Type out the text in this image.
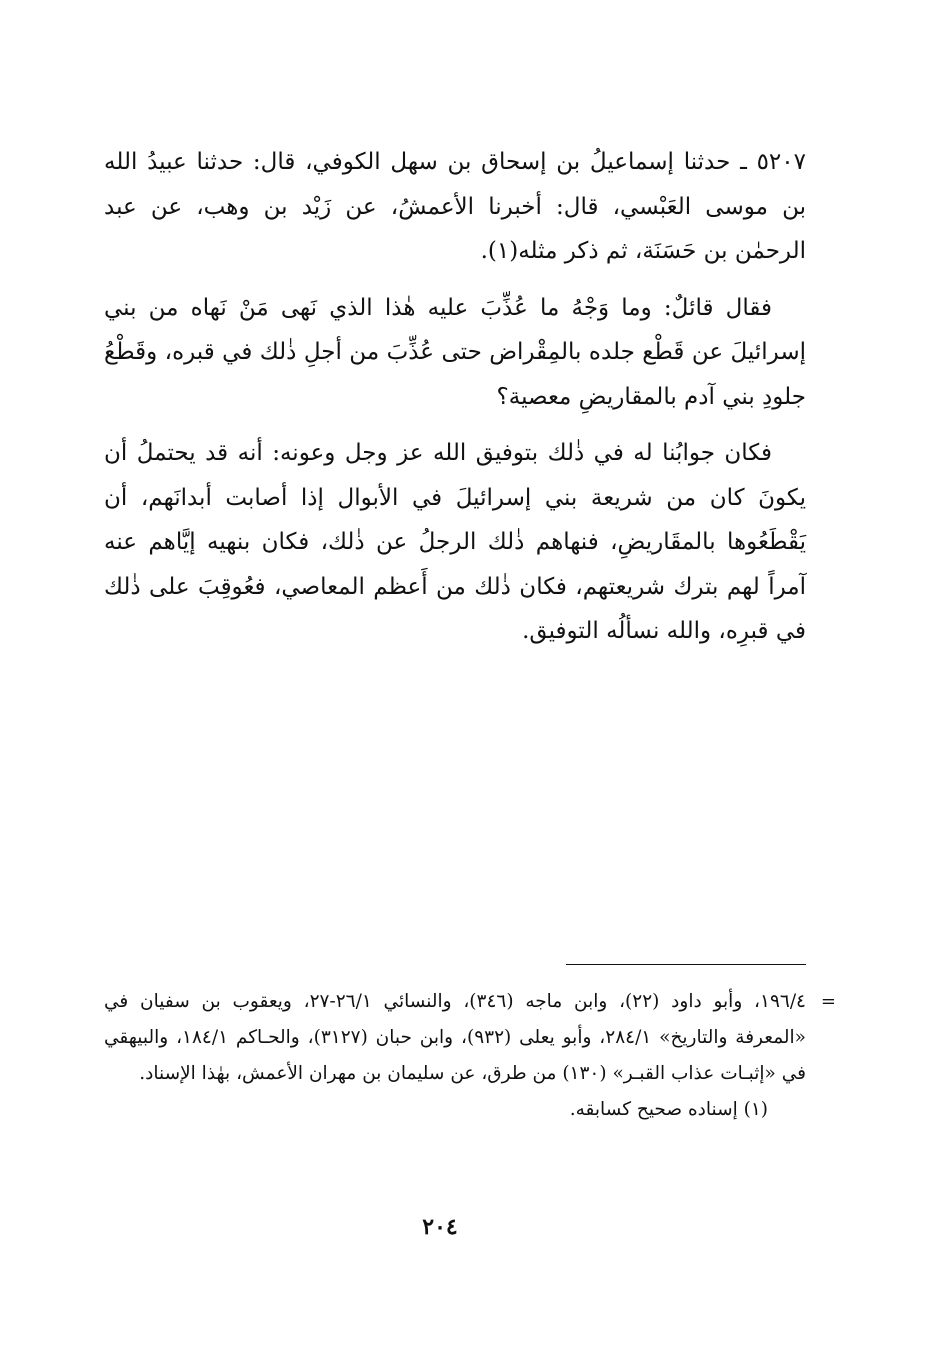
٥٢٠٧ ـ حدثنا إسماعيلُ بن إسحاق بن سهل الكوفي، قال: حدثنا عبيدُ الله بن موسى العَبْسي، قال: أخبرنا الأعمشُ، عن زَيْد بن وهب، عن عبد الرحمٰن بن حَسَنَة، ثم ذكر مثله(١).

فقال قائلٌ: وما وَجْهُ ما عُذِّبَ عليه هٰذا الذي نَهى مَنْ نَهاه من بني إسرائيلَ عن قَطْع جلده بالمِقْراض حتى عُذِّبَ من أجلِ ذٰلك في قبره، وقَطْعُ جلودِ بني آدم بالمقاريضِ معصية؟

فكان جوابُنا له في ذٰلك بتوفيق الله عز وجل وعونه: أنه قد يحتملُ أن يكونَ كان من شريعة بني إسرائيلَ في الأبوال إذا أصابت أبدانَهم، أن يَقْطَعُوها بالمقَاريضِ، فنهاهم ذٰلك الرجلُ عن ذٰلك، فكان بنهيه إيَّاهم عنه آمراً لهم بترك شريعتهم، فكان ذٰلك من أَعظم المعاصي، فعُوقِبَ على ذٰلك في قبرِه، والله نسألُه التوفيق.

=
١٩٦/٤، وأبو داود (٢٢)، وابن ماجه (٣٤٦)، والنسائي ٢٦/١-٢٧، ويعقوب بن سفيان في «المعرفة والتاريخ» ٢٨٤/١، وأبو يعلى (٩٣٢)، وابن حبان (٣١٢٧)، والحـاكم ١٨٤/١، والبيهقي في «إثبـات عذاب القبـر» (١٣٠) من طرق، عن سليمان بن مهران الأعمش، بهٰذا الإسناد.

(١) إسناده صحيح كسابقه.

٢٠٤
